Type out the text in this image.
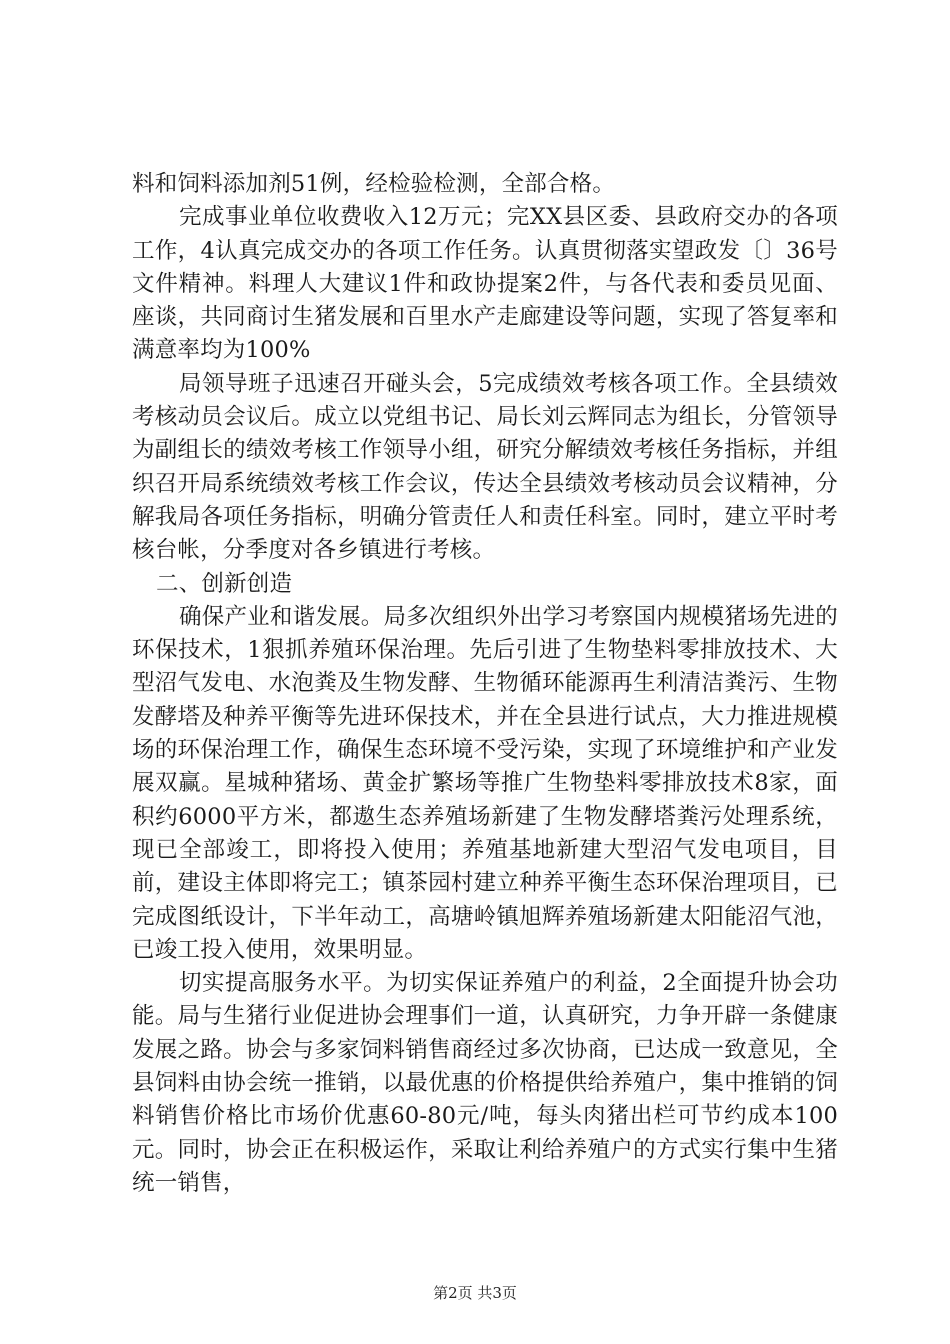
料和饲料添加剂51例，经检验检测，全部合格。

完成事业单位收费收入12万元；完XX县区委、县政府交办的各项工作，4认真完成交办的各项工作任务。认真贯彻落实望政发〔〕36号文件精神。料理人大建议1件和政协提案2件，与各代表和委员见面、座谈，共同商讨生猪发展和百里水产走廊建设等问题，实现了答复率和满意率均为100%

局领导班子迅速召开碰头会，5完成绩效考核各项工作。全县绩效考核动员会议后。成立以党组书记、局长刘云辉同志为组长，分管领导为副组长的绩效考核工作领导小组，研究分解绩效考核任务指标，并组织召开局系统绩效考核工作会议，传达全县绩效考核动员会议精神，分解我局各项任务指标，明确分管责任人和责任科室。同时，建立平时考核台帐，分季度对各乡镇进行考核。

二、创新创造

确保产业和谐发展。局多次组织外出学习考察国内规模猪场先进的环保技术，1狠抓养殖环保治理。先后引进了生物垫料零排放技术、大型沼气发电、水泡粪及生物发酵、生物循环能源再生利清洁粪污、生物发酵塔及种养平衡等先进环保技术，并在全县进行试点，大力推进规模场的环保治理工作，确保生态环境不受污染，实现了环境维护和产业发展双赢。星城种猪场、黄金扩繁场等推广生物垫料零排放技术8家，面积约6000平方米，都遨生态养殖场新建了生物发酵塔粪污处理系统，现已全部竣工，即将投入使用；养殖基地新建大型沼气发电项目，目前，建设主体即将完工；镇茶园村建立种养平衡生态环保治理项目，已完成图纸设计，下半年动工，高塘岭镇旭辉养殖场新建太阳能沼气池，已竣工投入使用，效果明显。

切实提高服务水平。为切实保证养殖户的利益，2全面提升协会功能。局与生猪行业促进协会理事们一道，认真研究，力争开辟一条健康发展之路。协会与多家饲料销售商经过多次协商，已达成一致意见，全县饲料由协会统一推销，以最优惠的价格提供给养殖户，集中推销的饲料销售价格比市场价优惠60-80元/吨，每头肉猪出栏可节约成本100元。同时，协会正在积极运作，采取让利给养殖户的方式实行集中生猪统一销售，

第2页 共3页
